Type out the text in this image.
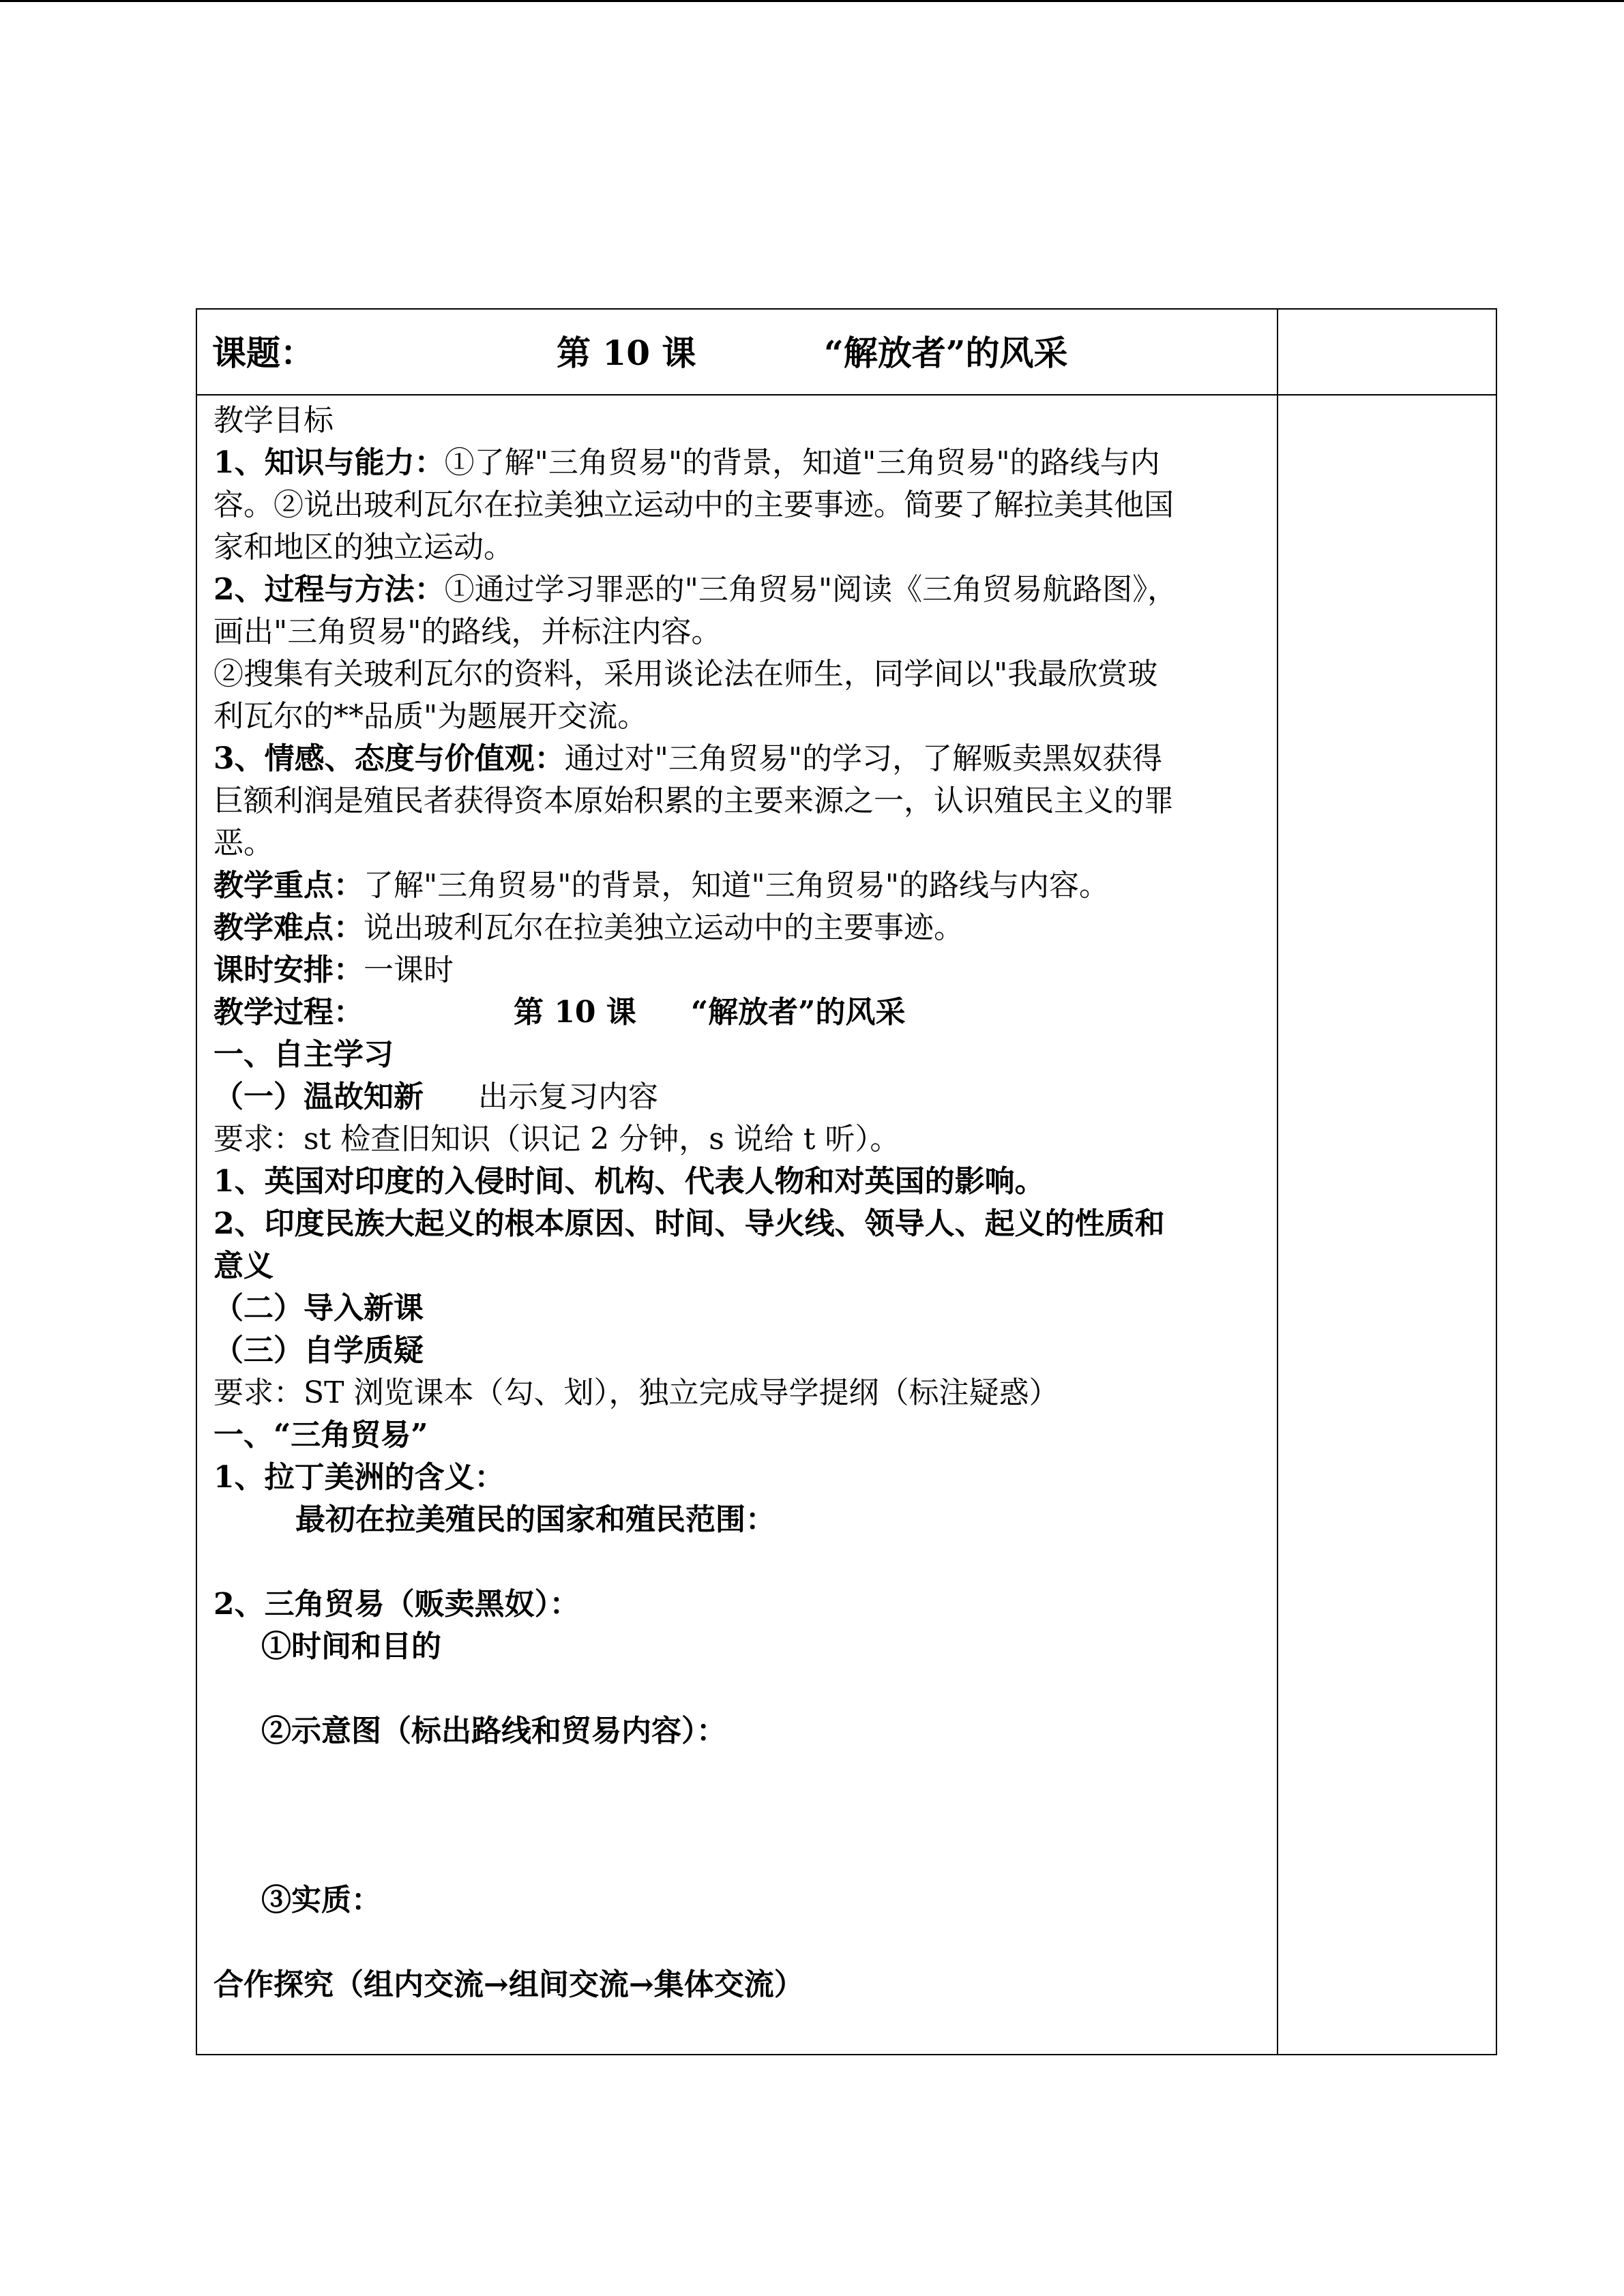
课题：	第 10 课	“解放者”的风采
教学目标
1、知识与能力：①了解"三角贸易"的背景，知道"三角贸易"的路线与内
容。②说出玻利瓦尔在拉美独立运动中的主要事迹。简要了解拉美其他国
家和地区的独立运动。
2、过程与方法：①通过学习罪恶的"三角贸易"阅读《三角贸易航路图》，
画出"三角贸易"的路线，并标注内容。
②搜集有关玻利瓦尔的资料，采用谈论法在师生，同学间以"我最欣赏玻
利瓦尔的**品质"为题展开交流。
3、情感、态度与价值观：通过对"三角贸易"的学习，了解贩卖黑奴获得
巨额利润是殖民者获得资本原始积累的主要来源之一，认识殖民主义的罪
恶。
教学重点：了解"三角贸易"的背景，知道"三角贸易"的路线与内容。
教学难点：说出玻利瓦尔在拉美独立运动中的主要事迹。
课时安排：一课时
教学过程：	第 10 课 “解放者”的风采
一、自主学习
（一）温故知新 出示复习内容
要求：st 检查旧知识（识记 2 分钟，s 说给 t 听）。
1、英国对印度的入侵时间、机构、代表人物和对英国的影响。
2、印度民族大起义的根本原因、时间、导火线、领导人、起义的性质和
意义
（二）导入新课
（三）自学质疑
要求：ST 浏览课本（勾、划），独立完成导学提纲（标注疑惑）
一、“三角贸易”
1、拉丁美洲的含义：
最初在拉美殖民的国家和殖民范围：
2、三角贸易（贩卖黑奴）：
①时间和目的
②示意图（标出路线和贸易内容）：
③实质：
合作探究（组内交流→组间交流→集体交流）
